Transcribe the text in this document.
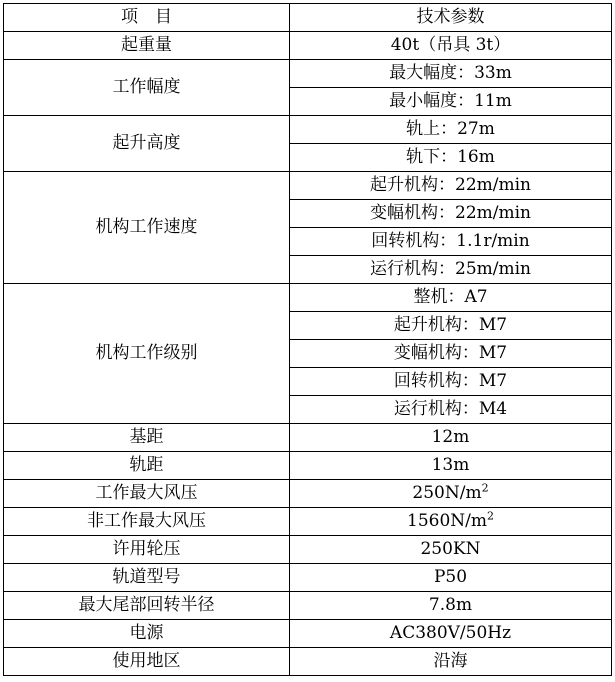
项　目	技术参数
起重量	40t（吊具 3t）
工作幅度	最大幅度：33m
	最小幅度：11m
起升高度	轨上：27m
	轨下：16m
机构工作速度	起升机构：22m/min
	变幅机构：22m/min
	回转机构：1.1r/min
	运行机构：25m/min
机构工作级别	整机：A7
	起升机构：M7
	变幅机构：M7
	回转机构：M7
	运行机构：M4
基距	12m
轨距	13m
工作最大风压	$250N/m^2$
非工作最大风压	$1560N/m^2$
许用轮压	250KN
轨道型号	P50
最大尾部回转半径	7.8m
电源	AC380V/50Hz
使用地区	沿海
